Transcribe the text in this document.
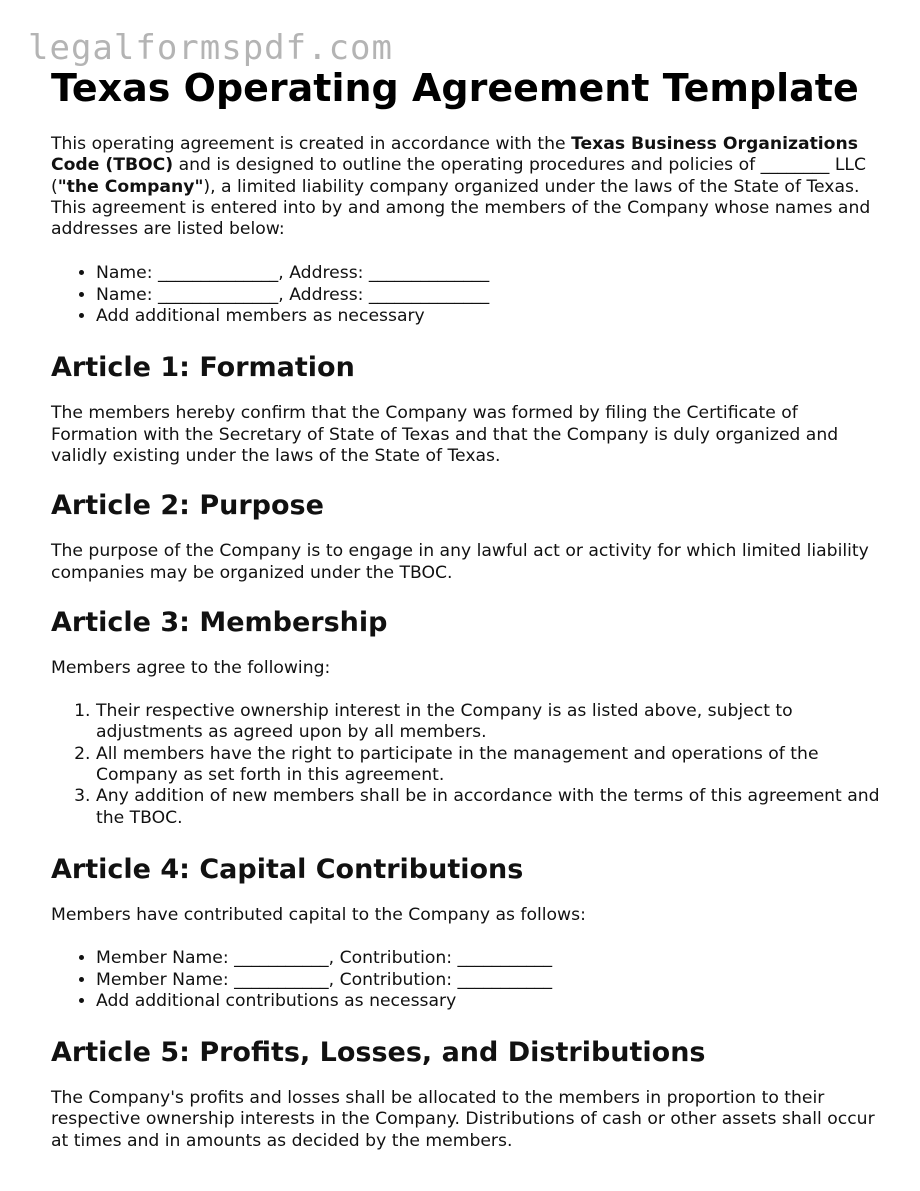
legalformspdf.com
Texas Operating Agreement Template

This operating agreement is created in accordance with the Texas Business Organizations Code (TBOC) and is designed to outline the operating procedures and policies of ________ LLC ("the Company"), a limited liability company organized under the laws of the State of Texas. This agreement is entered into by and among the members of the Company whose names and addresses are listed below:

• Name: ______________, Address: ______________
• Name: ______________, Address: ______________
• Add additional members as necessary
Article 1: Formation

The members hereby confirm that the Company was formed by filing the Certificate of Formation with the Secretary of State of Texas and that the Company is duly organized and validly existing under the laws of the State of Texas.

Article 2: Purpose

The purpose of the Company is to engage in any lawful act or activity for which limited liability companies may be organized under the TBOC.

Article 3: Membership

Members agree to the following:

1. Their respective ownership interest in the Company is as listed above, subject to adjustments as agreed upon by all members.
2. All members have the right to participate in the management and operations of the Company as set forth in this agreement.
3. Any addition of new members shall be in accordance with the terms of this agreement and the TBOC.
Article 4: Capital Contributions

Members have contributed capital to the Company as follows:

• Member Name: ___________, Contribution: ___________
• Member Name: ___________, Contribution: ___________
• Add additional contributions as necessary
Article 5: Profits, Losses, and Distributions

The Company's profits and losses shall be allocated to the members in proportion to their respective ownership interests in the Company. Distributions of cash or other assets shall occur at times and in amounts as decided by the members.
